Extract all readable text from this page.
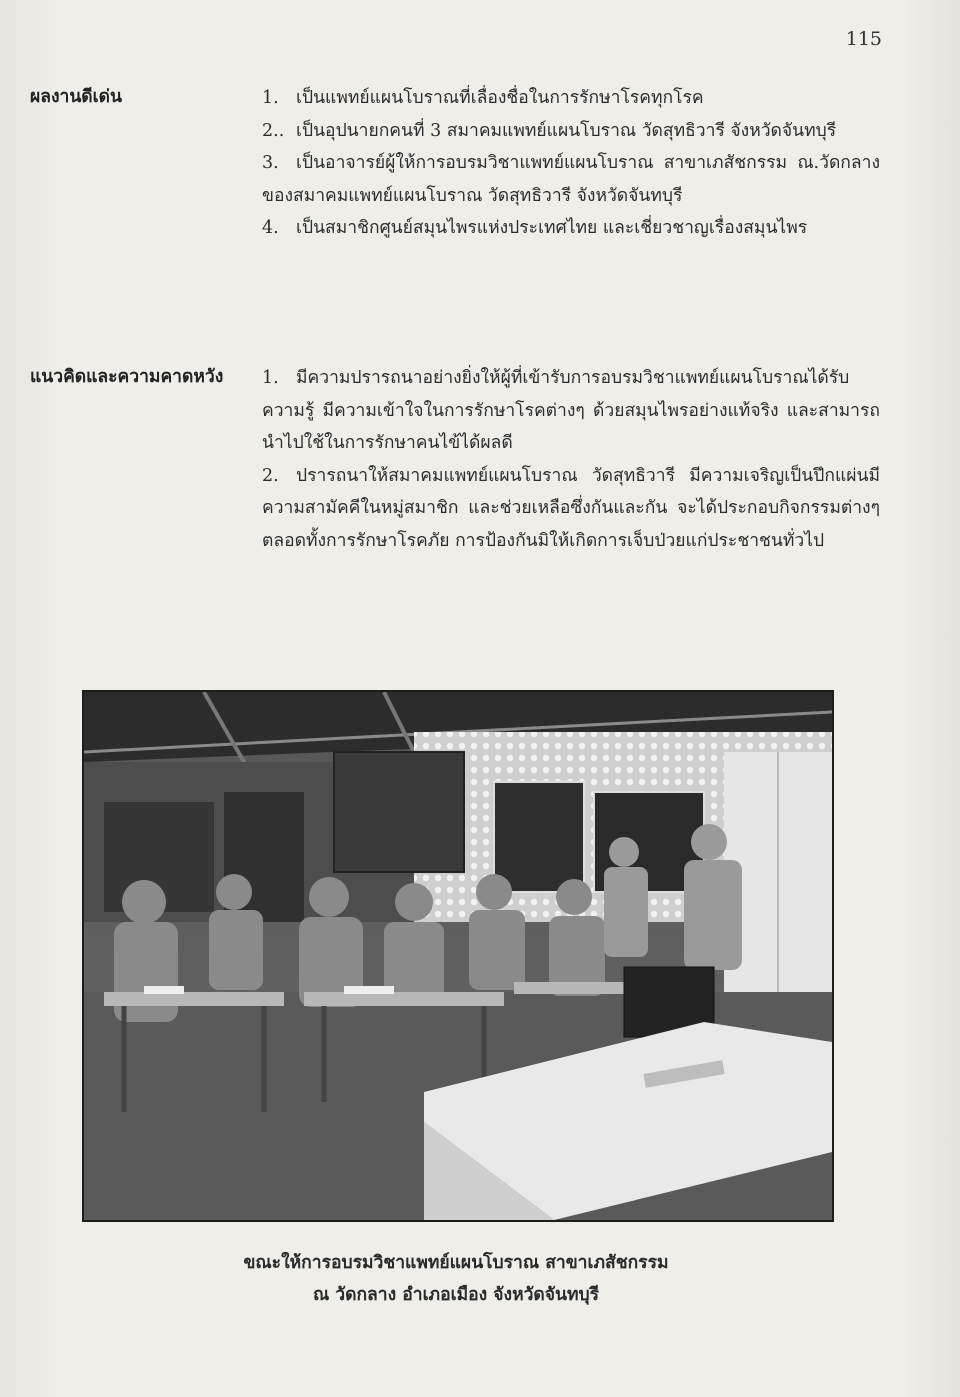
115
ผลงานดีเด่น	1. เป็นแพทย์แผนโบราณที่เลื่องชื่อในการรักษาโรคทุกโรค

2.. เป็นอุปนายกคนที่ 3 สมาคมแพทย์แผนโบราณ วัดสุทธิวารี จังหวัดจันทบุรี

3. เป็นอาจารย์ผู้ให้การอบรมวิชาแพทย์แผนโบราณ สาขาเภสัชกรรม ณ.วัดกลาง ของสมาคมแพทย์แผนโบราณ วัดสุทธิวารี จังหวัดจันทบุรี

4. เป็นสมาชิกศูนย์สมุนไพรแห่งประเทศไทย และเชี่ยวชาญเรื่องสมุนไพร

แนวคิดและความคาดหวัง 1. มีความปรารถนาอย่างยิ่งให้ผู้ที่เข้ารับการอบรมวิชาแพทย์แผนโบราณได้รับ ความรู้ มีความเข้าใจในการรักษาโรคต่างๆ ด้วยสมุนไพรอย่างแท้จริง และสามารถนำไปใช้ในการรักษาคนไข้ได้ผลดี

2. ปรารถนาให้สมาคมแพทย์แผนโบราณ วัดสุทธิวารี มีความเจริญเป็นปึกแผ่นมีความสามัคคีในหมู่สมาชิก และช่วยเหลือซึ่งกันและกัน จะได้ประกอบกิจกรรมต่างๆ ตลอดทั้งการรักษาโรคภัย การป้องกันมิให้เกิดการเจ็บป่วยแก่ประชาชนทั่วไป

ขณะให้การอบรมวิชาแพทย์แผนโบราณ สาขาเภสัชกรรม
ณ วัดกลาง อำเภอเมือง จังหวัดจันทบุรี
